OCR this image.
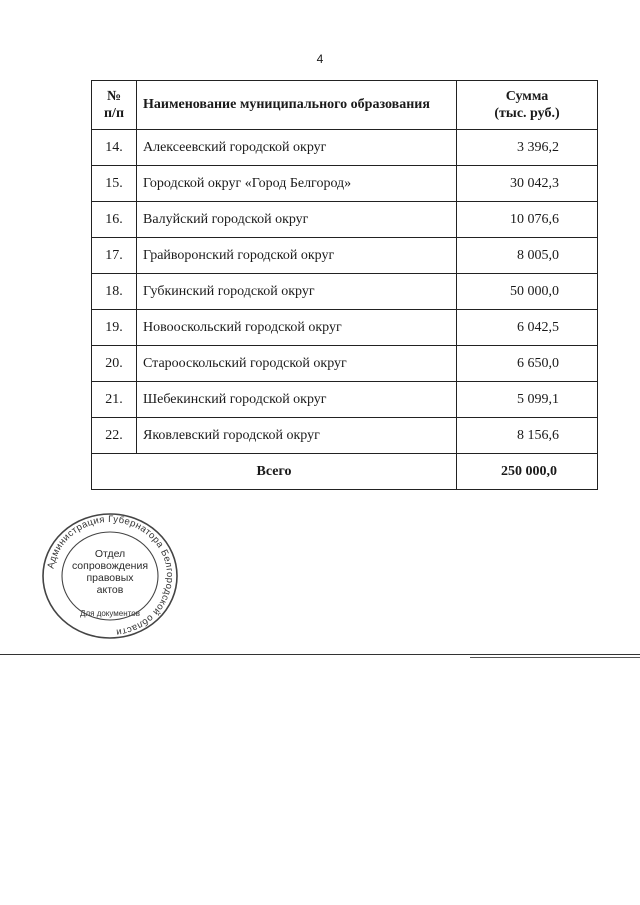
4
№
п/п	Наименование муниципального образования	Сумма
(тыс. руб.)
14.	Алексеевский городской округ	3 396,2
15.	Городской округ «Город Белгород»	30 042,3
16.	Валуйский городской округ	10 076,6
17.	Грайворонский городской округ	8 005,0
18.	Губкинский городской округ	50 000,0
19.	Новооскольский городской округ	6 042,5
20.	Старооскольский городской округ	6 650,0
21.	Шебекинский городской округ	5 099,1
22.	Яковлевский городской округ	8 156,6
Всего		250 000,0
Администрация Губернатора Белгородской области
Отдел
сопровождения
правовых
актов
Для документов
